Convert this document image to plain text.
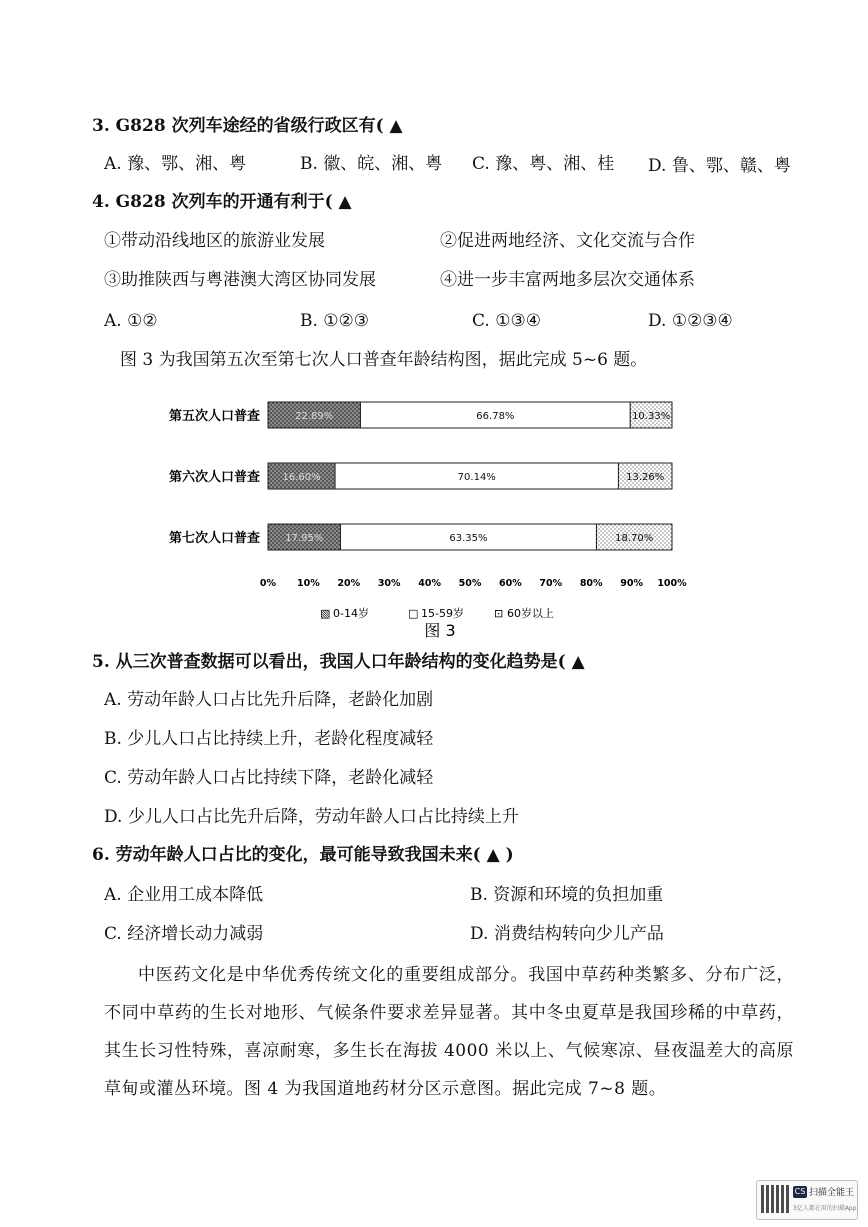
3. G828 次列车途经的省级行政区有( ▲
A. 豫、鄂、湘、粤	B. 徽、皖、湘、粤 C. 豫、粤、湘、桂 D. 鲁、鄂、赣、粤
4. G828 次列车的开通有利于( ▲
①带动沿线地区的旅游业发展	②促进两地经济、文化交流与合作
③助推陕西与粤港澳大湾区协同发展	④进一步丰富两地多层次交通体系
A. ①②	B. ①②③	C. ①③④	D. ①②③④
图 3 为我国第五次至第七次人口普查年龄结构图，据此完成 5~6 题。
第五次人口普查	22.89%	66.78%	10.33%
第六次人口普查 16.60%	70.14%	13.26%
第七次人口普查	17.95%	63.35%	18.70%
0% 10% 20% 30% 40% 50% 60% 70% 80% 90% 100%
▧ 0-14岁	□ 15-59岁	⊡ 60岁以上
图 3
5. 从三次普查数据可以看出，我国人口年龄结构的变化趋势是( ▲
A. 劳动年龄人口占比先升后降，老龄化加剧
B. 少儿人口占比持续上升，老龄化程度减轻
C. 劳动年龄人口占比持续下降，老龄化减轻
D. 少儿人口占比先升后降，劳动年龄人口占比持续上升
6. 劳动年龄人口占比的变化，最可能导致我国未来( ▲ )
A. 企业用工成本降低	B. 资源和环境的负担加重
C. 经济增长动力减弱	D. 消费结构转向少儿产品
中医药文化是中华优秀传统文化的重要组成部分。我国中草药种类繁多、分布广泛，不同中草药的生长对地形、气候条件要求差异显著。其中冬虫夏草是我国珍稀的中草药，其生长习性特殊，喜凉耐寒，多生长在海拔 4000 米以上、气候寒凉、昼夜温差大的高原草甸或灌丛环境。图 4 为我国道地药材分区示意图。据此完成 7~8 题。
CS 扫描全能王
3亿人都在用的扫描App
